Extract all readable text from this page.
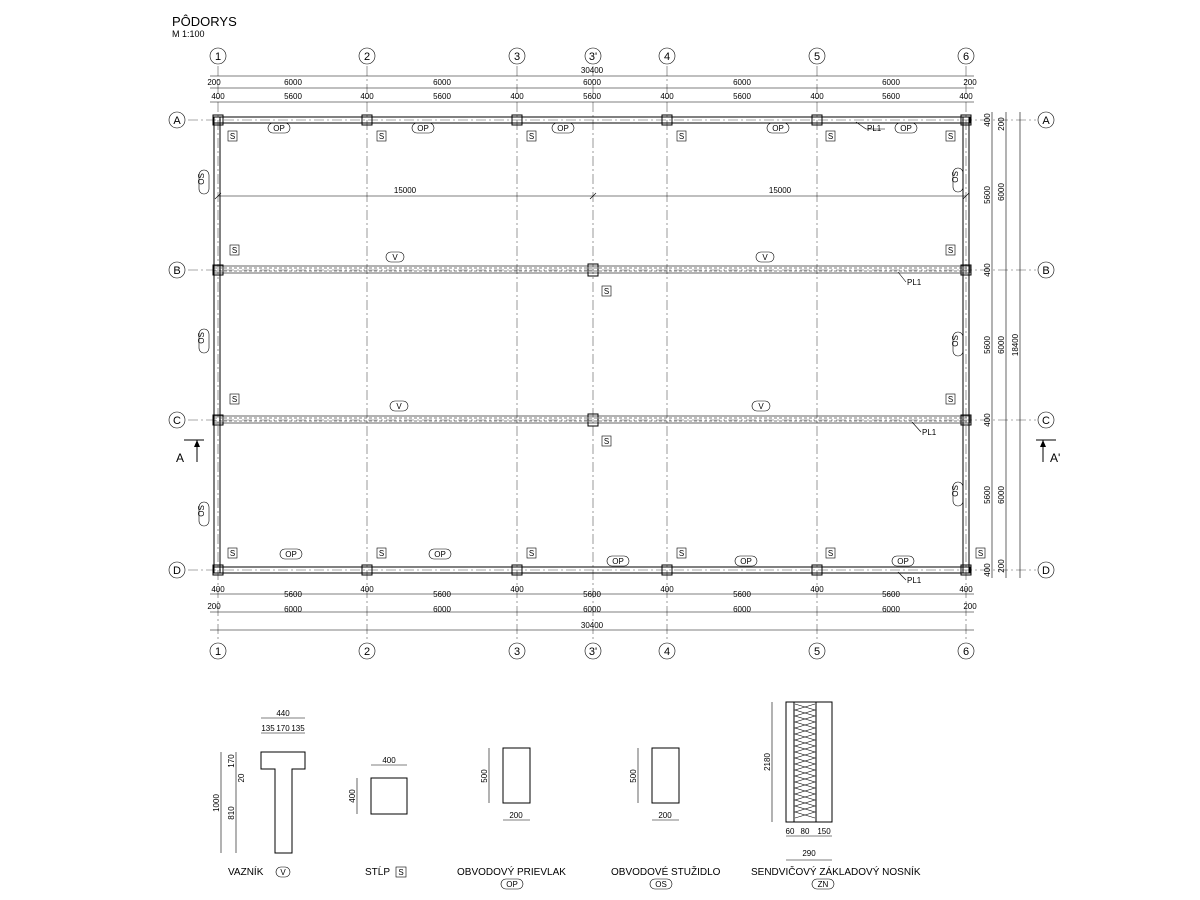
PÔDORYS
M 1:100
1	2	3	3'	4	5	6
1	2	3	3'	4	5	6
A
B
C
D
A
B
C
D
S	S	S	S	S	S
S	S
S
S	S
S
S	S	S	S	S	S
OP	OP	OP	OP	OP
OP	OP
OP	OP	OP
V	V
V	V
OS
OS
OS
OS
OS
OS
PL1
PL1
PL1
PL1
15000	15000
30400
200	6000	6000	6000	6000	6000	200
400	5600	400	5600	400	5600	400	5600	400	5600	400
400
5600
400
5600
400
5600
400
5600
400
5600
400
200	6000	6000	6000	6000	6000	200
30400
400
5600
400
5600
400
5600
400
200
6000
6000
6000
200
18400
A	A'
440
135 170 135
1000
170
20
810
VAZNÍK V
400
400
STĹP S
500
200
OBVODOVÝ PRIEVLAK
OP
500
200
OBVODOVÉ STUŽIDLO
OS
2180
60 80 150
290
SENDVIČOVÝ ZÁKLADOVÝ NOSNÍK
ZN
